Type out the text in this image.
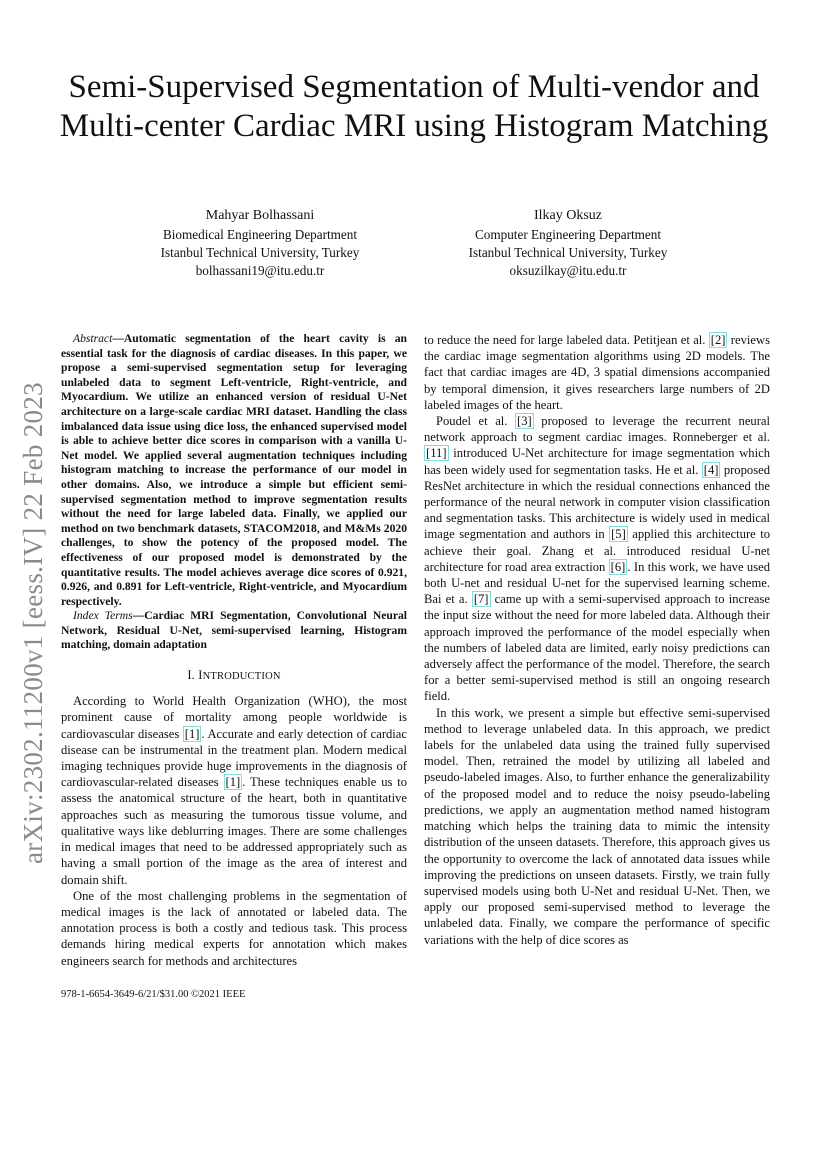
Semi-Supervised Segmentation of Multi-vendor and Multi-center Cardiac MRI using Histogram Matching
Mahyar Bolhassani
Biomedical Engineering Department
Istanbul Technical University, Turkey
bolhassani19@itu.edu.tr
Ilkay Oksuz
Computer Engineering Department
Istanbul Technical University, Turkey
oksuzilkay@itu.edu.tr
arXiv:2302.11200v1 [eess.IV] 22 Feb 2023

Abstract—Automatic segmentation of the heart cavity is an essential task for the diagnosis of cardiac diseases. In this paper, we propose a semi-supervised segmentation setup for leveraging unlabeled data to segment Left-ventricle, Right-ventricle, and Myocardium. We utilize an enhanced version of residual U-Net architecture on a large-scale cardiac MRI dataset. Handling the class imbalanced data issue using dice loss, the enhanced supervised model is able to achieve better dice scores in comparison with a vanilla U-Net model. We applied several augmentation techniques including histogram matching to increase the performance of our model in other domains. Also, we introduce a simple but efficient semi-supervised segmentation method to improve segmentation results without the need for large labeled data. Finally, we applied our method on two benchmark datasets, STACOM2018, and M&Ms 2020 challenges, to show the potency of the proposed model. The effectiveness of our proposed model is demonstrated by the quantitative results. The model achieves average dice scores of 0.921, 0.926, and 0.891 for Left-ventricle, Right-ventricle, and Myocardium respectively.

Index Terms—Cardiac MRI Segmentation, Convolutional Neural Network, Residual U-Net, semi-supervised learning, Histogram matching, domain adaptation

I. INTRODUCTION

According to World Health Organization (WHO), the most prominent cause of mortality among people worldwide is cardiovascular diseases [1] . Accurate and early detection of cardiac disease can be instrumental in the treatment plan. Modern medical imaging techniques provide huge improvements in the diagnosis of cardiovascular-related diseases [1] . These techniques enable us to assess the anatomical structure of the heart, both in quantitative approaches such as measuring the tumorous tissue volume, and qualitative ways like deblurring images. There are some challenges in medical images that need to be addressed appropriately such as having a small portion of the image as the area of interest and domain shift.

One of the most challenging problems in the segmentation of medical images is the lack of annotated or labeled data. The annotation process is both a costly and tedious task. This process demands hiring medical experts for annotation which makes engineers search for methods and architectures

to reduce the need for large labeled data. Petitjean et al. [2] reviews the cardiac image segmentation algorithms using 2D models. The fact that cardiac images are 4D, 3 spatial dimensions accompanied by temporal dimension, it gives researchers large numbers of 2D labeled images of the heart.

Poudel et al. [3] proposed to leverage the recurrent neural network approach to segment cardiac images. Ronneberger et al. [11] introduced U-Net architecture for image segmentation which has been widely used for segmentation tasks. He et al. [4] proposed ResNet architecture in which the residual connections enhanced the performance of the neural network in computer vision classification and segmentation tasks. This architecture is widely used in medical image segmentation and authors in [5] applied this architecture to achieve their goal. Zhang et al. introduced residual U-net architecture for road area extraction [6] . In this work, we have used both U-net and residual U-net for the supervised learning scheme. Bai et a. [7] came up with a semi-supervised approach to increase the input size without the need for more labeled data. Although their approach improved the performance of the model especially when the numbers of labeled data are limited, early noisy predictions can adversely affect the performance of the model. Therefore, the search for a better semi-supervised method is still an ongoing research field.

In this work, we present a simple but effective semi-supervised method to leverage unlabeled data. In this approach, we predict labels for the unlabeled data using the trained fully supervised model. Then, retrained the model by utilizing all labeled and pseudo-labeled images. Also, to further enhance the generalizability of the proposed model and to reduce the noisy pseudo-labeling predictions, we apply an augmentation method named histogram matching which helps the training data to mimic the intensity distribution of the unseen datasets. Therefore, this approach gives us the opportunity to overcome the lack of annotated data issues while improving the predictions on unseen datasets. Firstly, we train fully supervised models using both U-Net and residual U-Net. Then, we apply our proposed semi-supervised method to leverage the unlabeled data. Finally, we compare the performance of specific variations with the help of dice scores as

978-1-6654-3649-6/21/$31.00 ©2021 IEEE
